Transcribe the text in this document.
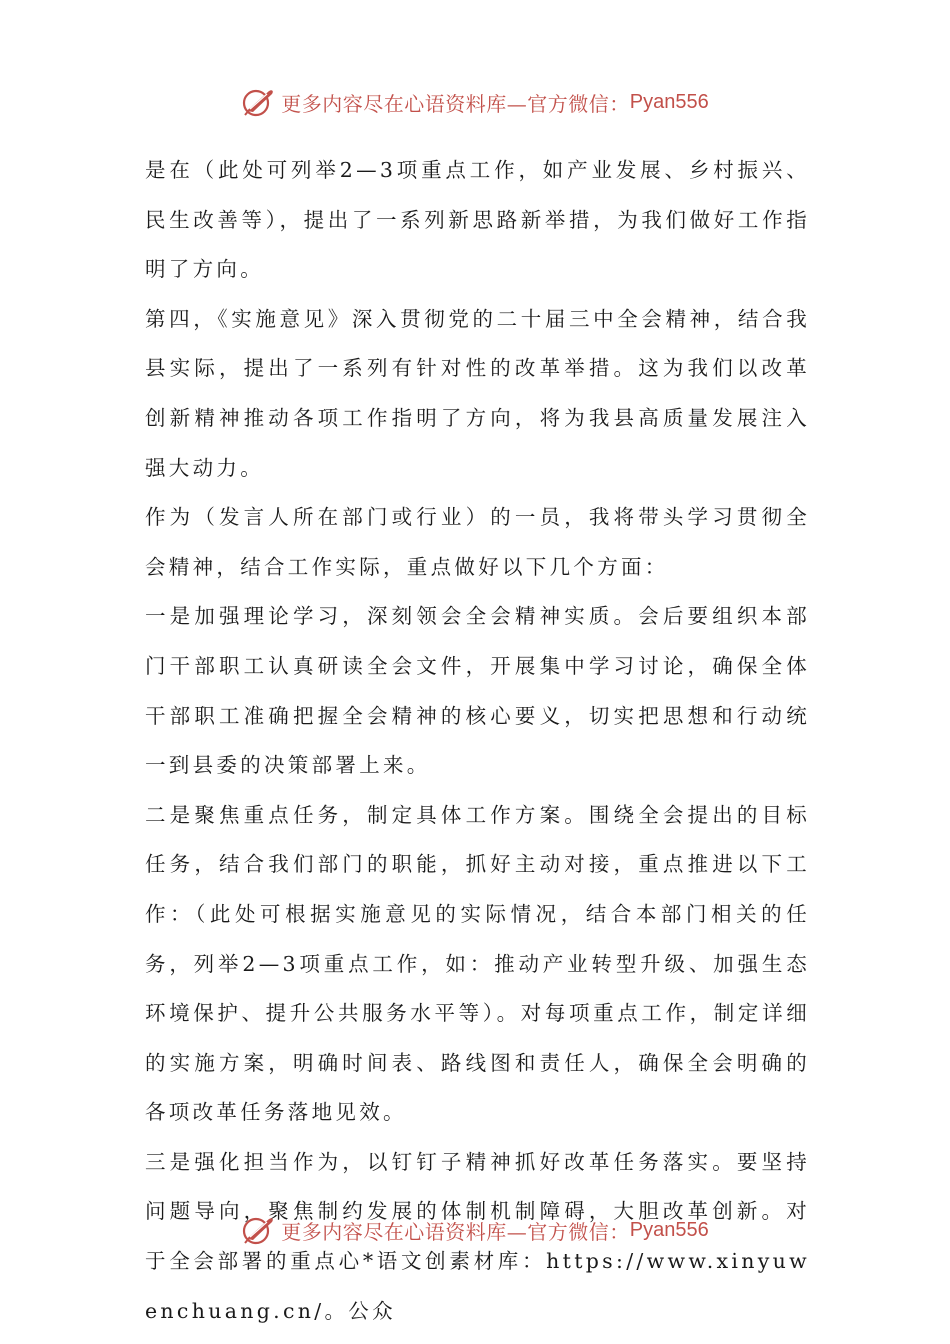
更多内容尽在心语资料库—官方微信： Pyan556

是在（此处可列举2—3项重点工作，如产业发展、乡村振兴、民生改善等），提出了一系列新思路新举措，为我们做好工作指明了方向。

第四，《实施意见》深入贯彻党的二十届三中全会精神，结合我县实际，提出了一系列有针对性的改革举措。这为我们以改革创新精神推动各项工作指明了方向，将为我县高质量发展注入强大动力。

作为（发言人所在部门或行业）的一员，我将带头学习贯彻全会精神，结合工作实际，重点做好以下几个方面：

一是加强理论学习，深刻领会全会精神实质。会后要组织本部门干部职工认真研读全会文件，开展集中学习讨论，确保全体干部职工准确把握全会精神的核心要义，切实把思想和行动统一到县委的决策部署上来。

二是聚焦重点任务，制定具体工作方案。围绕全会提出的目标任务，结合我们部门的职能，抓好主动对接，重点推进以下工作：（此处可根据实施意见的实际情况，结合本部门相关的任务，列举2—3项重点工作，如：推动产业转型升级、加强生态环境保护、提升公共服务水平等）。对每项重点工作，制定详细的实施方案，明确时间表、路线图和责任人，确保全会明确的各项改革任务落地见效。

三是强化担当作为，以钉钉子精神抓好改革任务落实。要坚持问题导向，聚焦制约发展的体制机制障碍，大胆改革创新。对于全会部署的重点心*语文创素材库：https://www.xinyuwenchuang.cn/。公众

更多内容尽在心语资料库—官方微信： Pyan556
